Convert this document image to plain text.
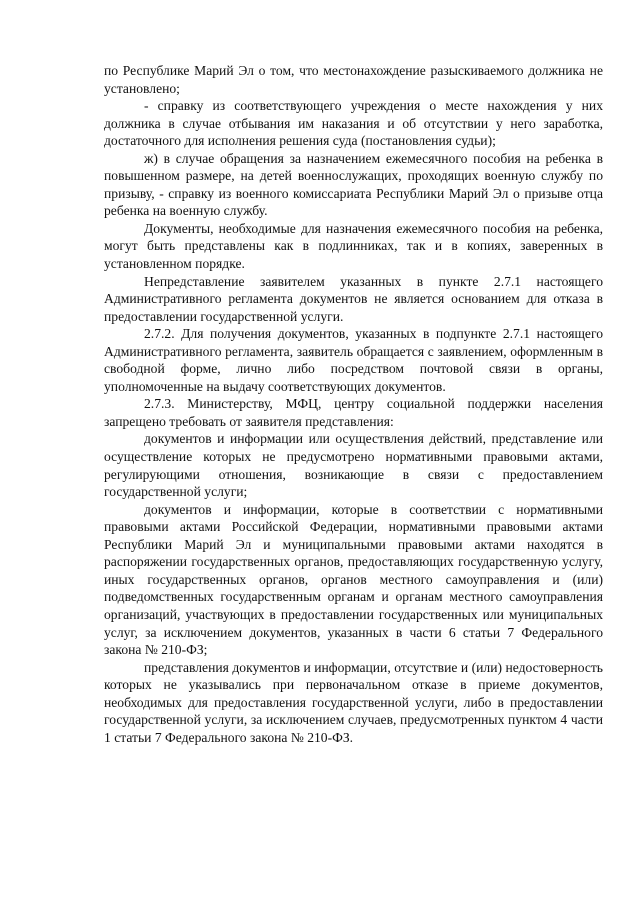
по Республике Марий Эл о том, что местонахождение разыскиваемого должника не установлено;

- справку из соответствующего учреждения о месте нахождения у них должника в случае отбывания им наказания и об отсутствии у него заработка, достаточного для исполнения решения суда (постановления судьи);

ж) в случае обращения за назначением ежемесячного пособия на ребенка в повышенном размере, на детей военнослужащих, проходящих военную службу по призыву, - справку из военного комиссариата Республики Марий Эл о призыве отца ребенка на военную службу.

Документы, необходимые для назначения ежемесячного пособия на ребенка, могут быть представлены как в подлинниках, так и в копиях, заверенных в установленном порядке.

Непредставление заявителем указанных в пункте 2.7.1 настоящего Административного регламента документов не является основанием для отказа в предоставлении государственной услуги.

2.7.2. Для получения документов, указанных в подпункте 2.7.1 настоящего Административного регламента, заявитель обращается с заявлением, оформленным в свободной форме, лично либо посредством почтовой связи в органы, уполномоченные на выдачу соответствующих документов.

2.7.3. Министерству, МФЦ, центру социальной поддержки населения запрещено требовать от заявителя представления:

документов и информации или осуществления действий, представление или осуществление которых не предусмотрено нормативными правовыми актами, регулирующими отношения, возникающие в связи с предоставлением государственной услуги;

документов и информации, которые в соответствии с нормативными правовыми актами Российской Федерации, нормативными правовыми актами Республики Марий Эл и муниципальными правовыми актами находятся в распоряжении государственных органов, предоставляющих государственную услугу, иных государственных органов, органов местного самоуправления и (или) подведомственных государственным органам и органам местного самоуправления организаций, участвующих в предоставлении государственных или муниципальных услуг, за исключением документов, указанных в части 6 статьи 7 Федерального закона № 210-ФЗ;

представления документов и информации, отсутствие и (или) недостоверность которых не указывались при первоначальном отказе в приеме документов, необходимых для предоставления государственной услуги, либо в предоставлении государственной услуги, за исключением случаев, предусмотренных пунктом 4 части 1 статьи 7 Федерального закона № 210-ФЗ.
